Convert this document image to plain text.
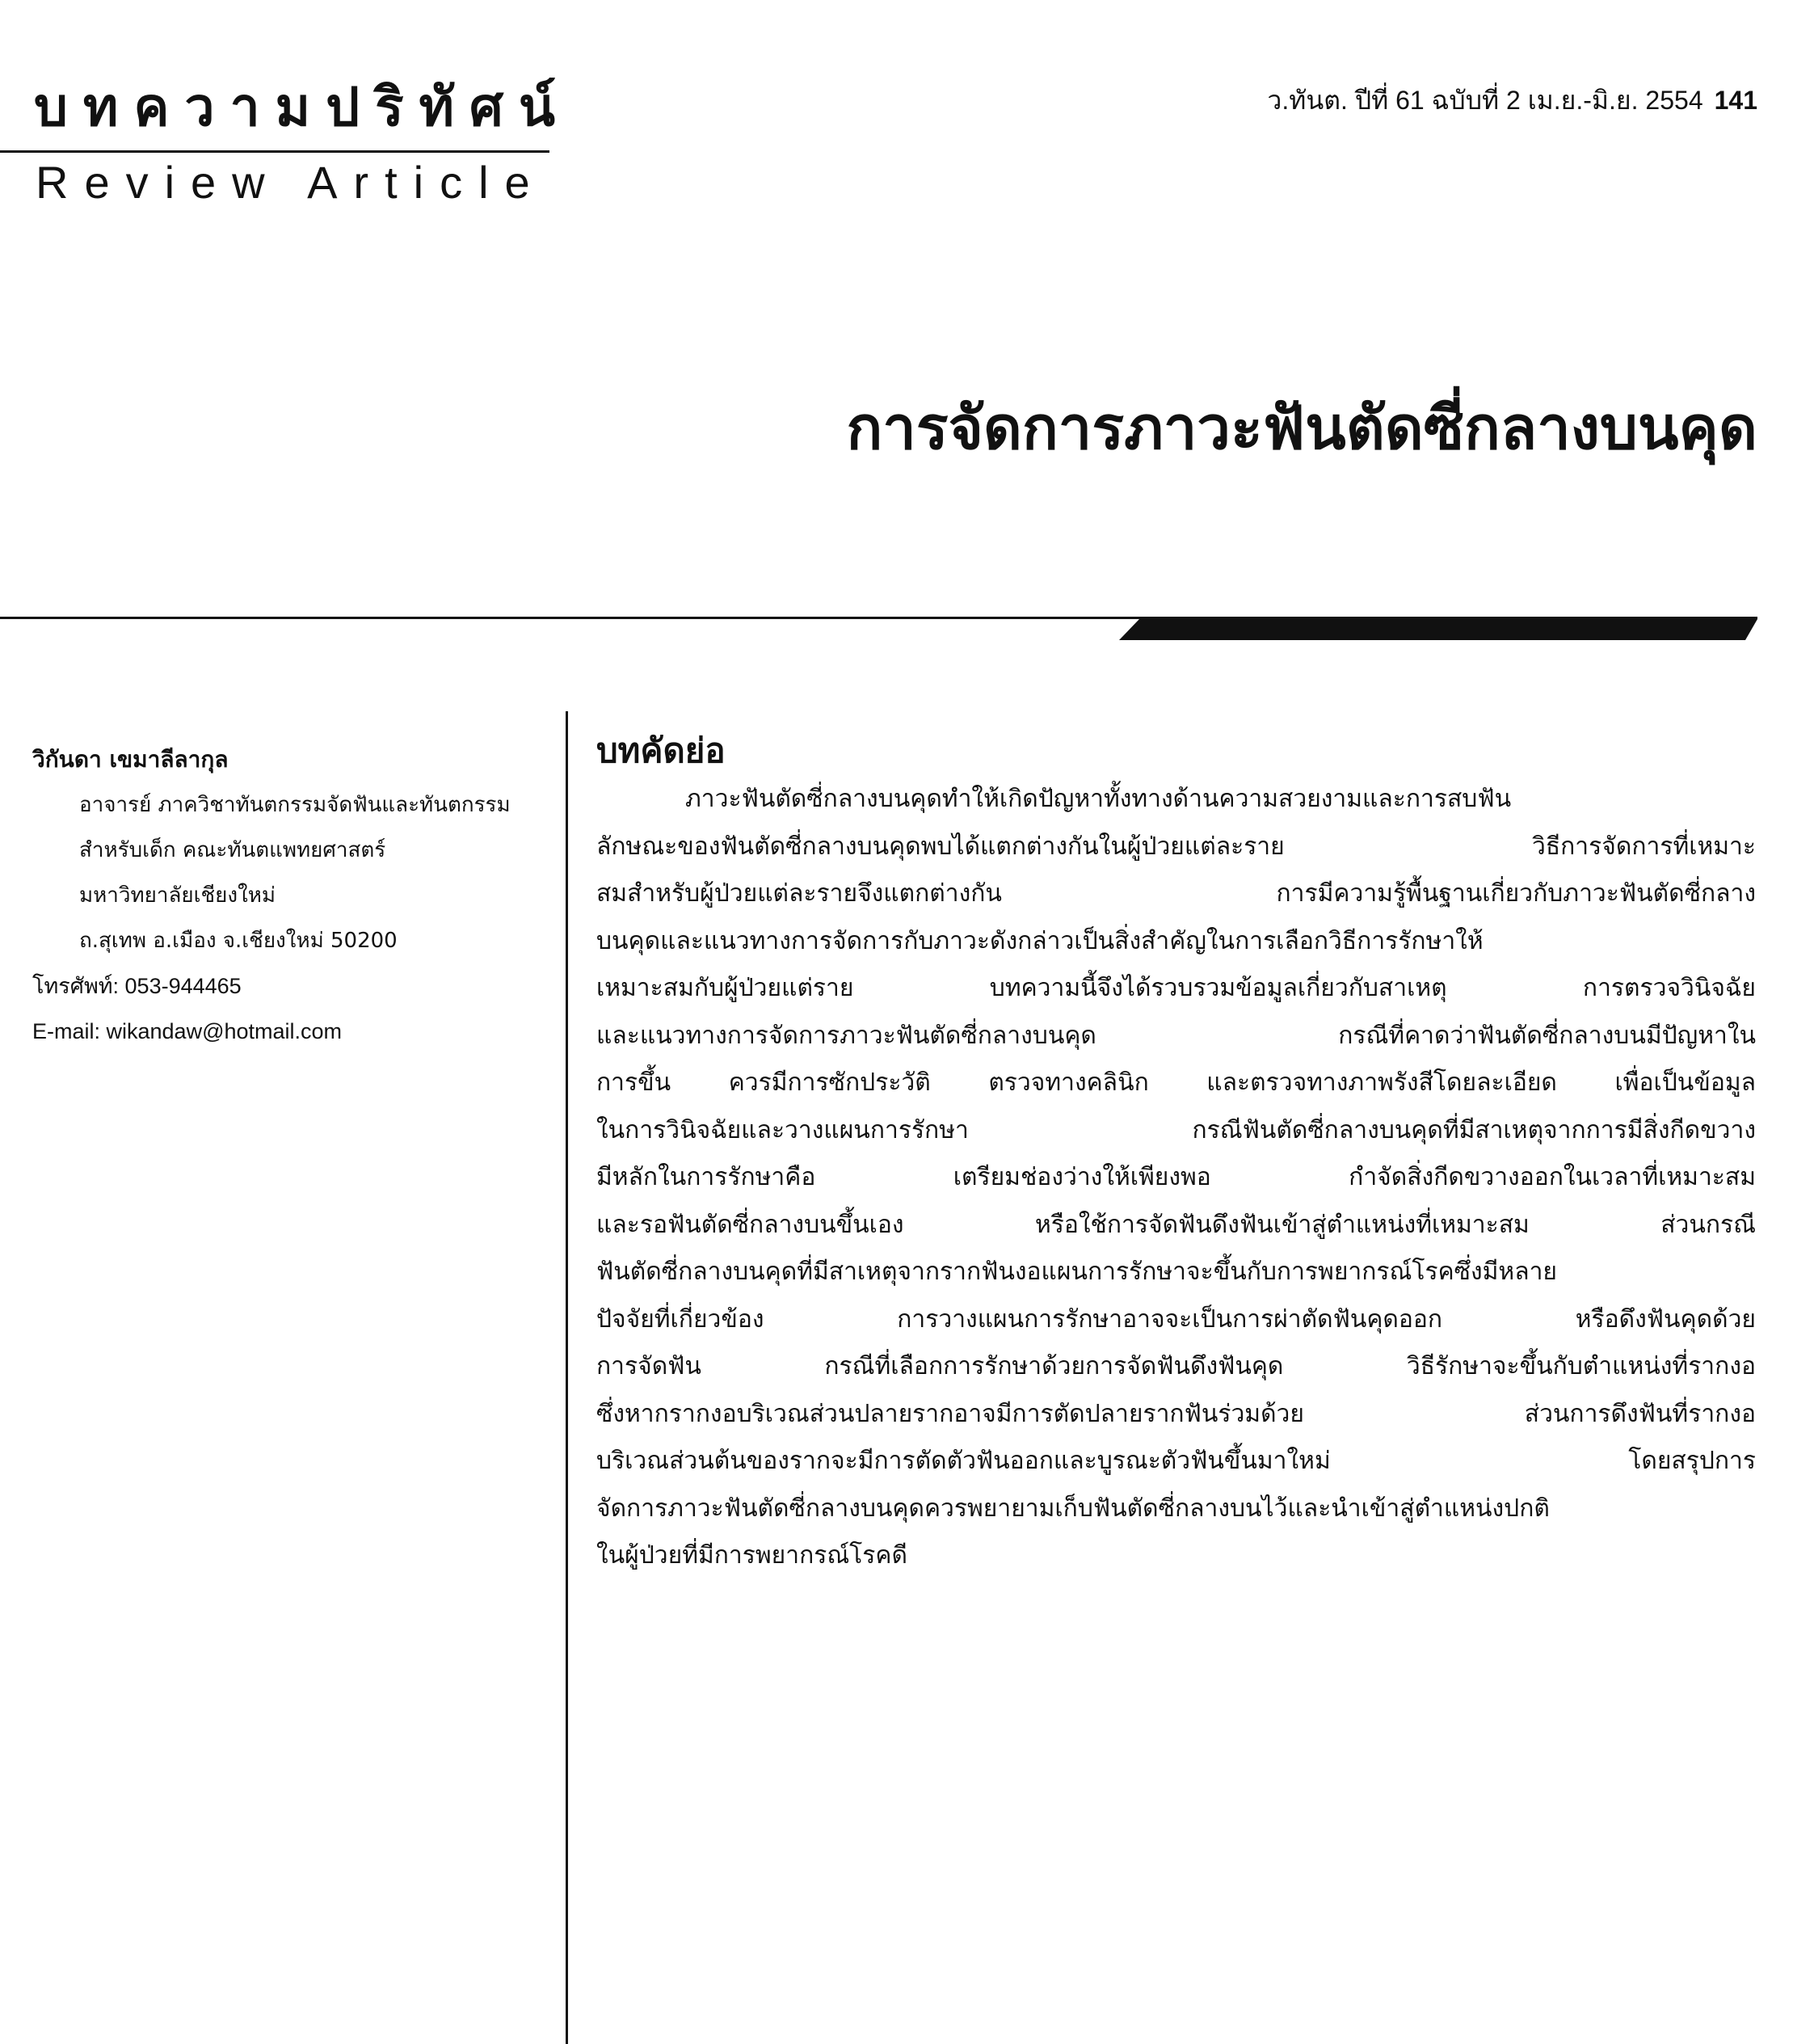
บทความปริทัศน์
Review Article
ว.ทันต. ปีที่ 61 ฉบับที่ 2 เม.ย.-มิ.ย. 2554 141
การจัดการภาวะฟันตัดซี่กลางบนคุด
วิกันดา เขมาลีลากุล
อาจารย์ ภาควิชาทันตกรรมจัดฟันและทันตกรรม
สำหรับเด็ก คณะทันตแพทยศาสตร์
มหาวิทยาลัยเชียงใหม่
ถ.สุเทพ อ.เมือง จ.เชียงใหม่ 50200
โทรศัพท์: 053-944465
E-mail: wikandaw@hotmail.com
บทคัดย่อ
ภาวะฟันตัดซี่กลางบนคุดทำให้เกิดปัญหาทั้งทางด้านความสวยงามและการสบฟัน
ลักษณะของฟันตัดซี่กลางบนคุดพบได้แตกต่างกันในผู้ป่วยแต่ละราย วิธีการจัดการที่เหมาะ
สมสำหรับผู้ป่วยแต่ละรายจึงแตกต่างกัน การมีความรู้พื้นฐานเกี่ยวกับภาวะฟันตัดซี่กลาง
บนคุดและแนวทางการจัดการกับภาวะดังกล่าวเป็นสิ่งสำคัญในการเลือกวิธีการรักษาให้
เหมาะสมกับผู้ป่วยแต่ราย บทความนี้จึงได้รวบรวมข้อมูลเกี่ยวกับสาเหตุ การตรวจวินิจฉัย
และแนวทางการจัดการภาวะฟันตัดซี่กลางบนคุด กรณีที่คาดว่าฟันตัดซี่กลางบนมีปัญหาใน
การขึ้น ควรมีการซักประวัติ ตรวจทางคลินิก และตรวจทางภาพรังสีโดยละเอียด เพื่อเป็นข้อมูล
ในการวินิจฉัยและวางแผนการรักษา กรณีฟันตัดซี่กลางบนคุดที่มีสาเหตุจากการมีสิ่งกีดขวาง
มีหลักในการรักษาคือ เตรียมช่องว่างให้เพียงพอ กำจัดสิ่งกีดขวางออกในเวลาที่เหมาะสม
และรอฟันตัดซี่กลางบนขึ้นเอง หรือใช้การจัดฟันดึงฟันเข้าสู่ตำแหน่งที่เหมาะสม ส่วนกรณี
ฟันตัดซี่กลางบนคุดที่มีสาเหตุจากรากฟันงอแผนการรักษาจะขึ้นกับการพยากรณ์โรคซึ่งมีหลาย
ปัจจัยที่เกี่ยวข้อง การวางแผนการรักษาอาจจะเป็นการผ่าตัดฟันคุดออก หรือดึงฟันคุดด้วย
การจัดฟัน กรณีที่เลือกการรักษาด้วยการจัดฟันดึงฟันคุด วิธีรักษาจะขึ้นกับตำแหน่งที่รากงอ
ซึ่งหากรากงอบริเวณส่วนปลายรากอาจมีการตัดปลายรากฟันร่วมด้วย ส่วนการดึงฟันที่รากงอ
บริเวณส่วนต้นของรากจะมีการตัดตัวฟันออกและบูรณะตัวฟันขึ้นมาใหม่ โดยสรุปการ
จัดการภาวะฟันตัดซี่กลางบนคุดควรพยายามเก็บฟันตัดซี่กลางบนไว้และนำเข้าสู่ตำแหน่งปกติ
ในผู้ป่วยที่มีการพยากรณ์โรคดี
